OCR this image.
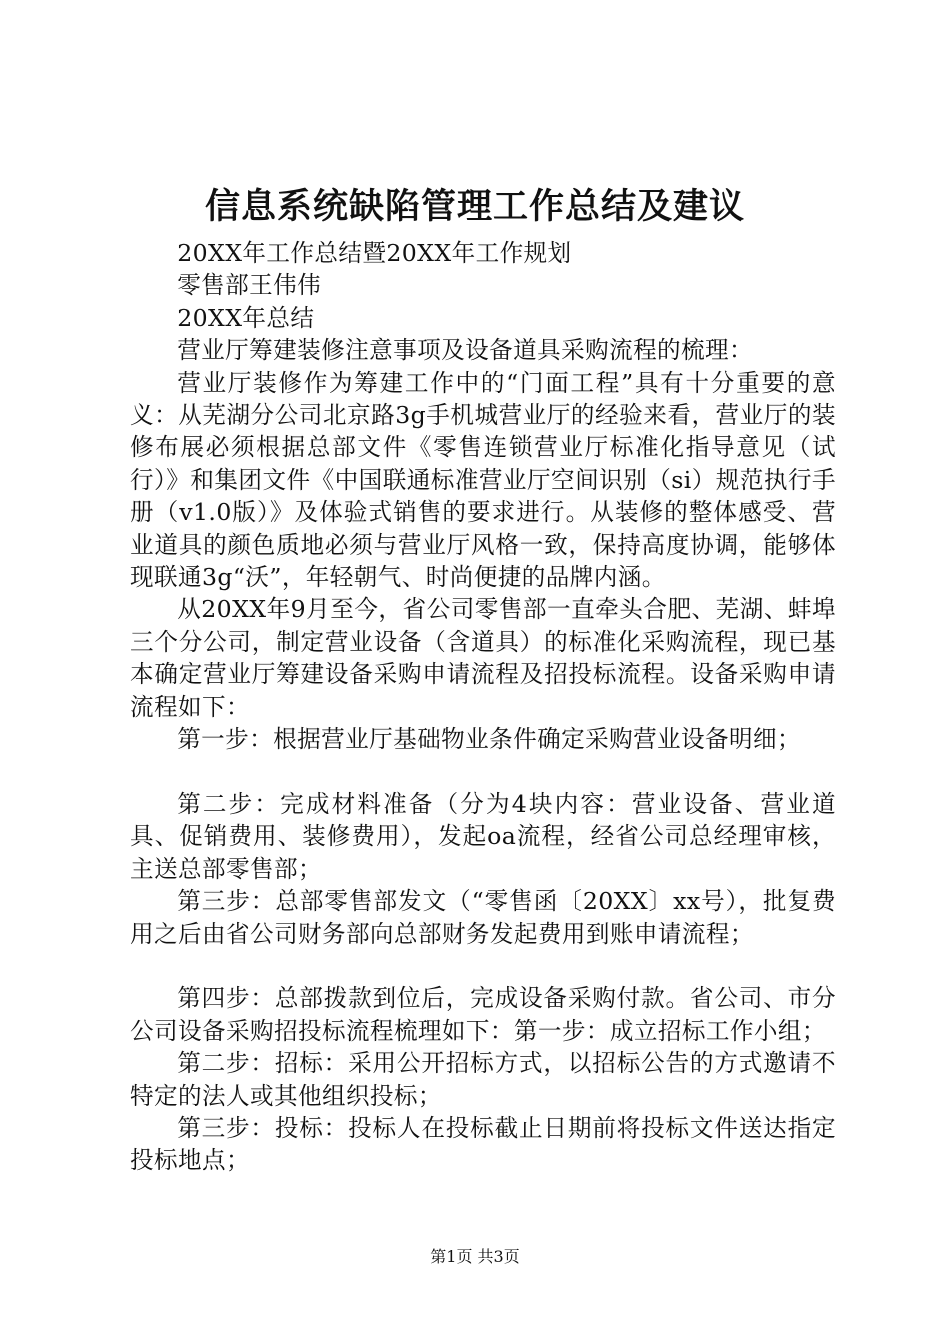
信息系统缺陷管理工作总结及建议

20XX年工作总结暨20XX年工作规划

零售部王伟伟

20XX年总结

营业厅筹建装修注意事项及设备道具采购流程的梳理：

营业厅装修作为筹建工作中的“门面工程”具有十分重要的意义：从芜湖分公司北京路3g手机城营业厅的经验来看，营业厅的装修布展必须根据总部文件《零售连锁营业厅标准化指导意见（试行）》和集团文件《中国联通标准营业厅空间识别（si）规范执行手册（v1.0版）》及体验式销售的要求进行。从装修的整体感受、营业道具的颜色质地必须与营业厅风格一致，保持高度协调，能够体现联通3g“沃”，年轻朝气、时尚便捷的品牌内涵。

从20XX年9月至今，省公司零售部一直牵头合肥、芜湖、蚌埠三个分公司，制定营业设备（含道具）的标准化采购流程，现已基本确定营业厅筹建设备采购申请流程及招投标流程。设备采购申请流程如下：

第一步：根据营业厅基础物业条件确定采购营业设备明细；

第二步：完成材料准备（分为4块内容：营业设备、营业道具、促销费用、装修费用），发起oa流程，经省公司总经理审核，主送总部零售部；

第三步：总部零售部发文（“零售函〔20XX〕xx号），批复费用之后由省公司财务部向总部财务发起费用到账申请流程；

第四步：总部拨款到位后，完成设备采购付款。省公司、市分公司设备采购招投标流程梳理如下：第一步：成立招标工作小组；

第二步：招标：采用公开招标方式，以招标公告的方式邀请不特定的法人或其他组织投标；

第三步：投标：投标人在投标截止日期前将投标文件送达指定投标地点；

第1页 共3页
